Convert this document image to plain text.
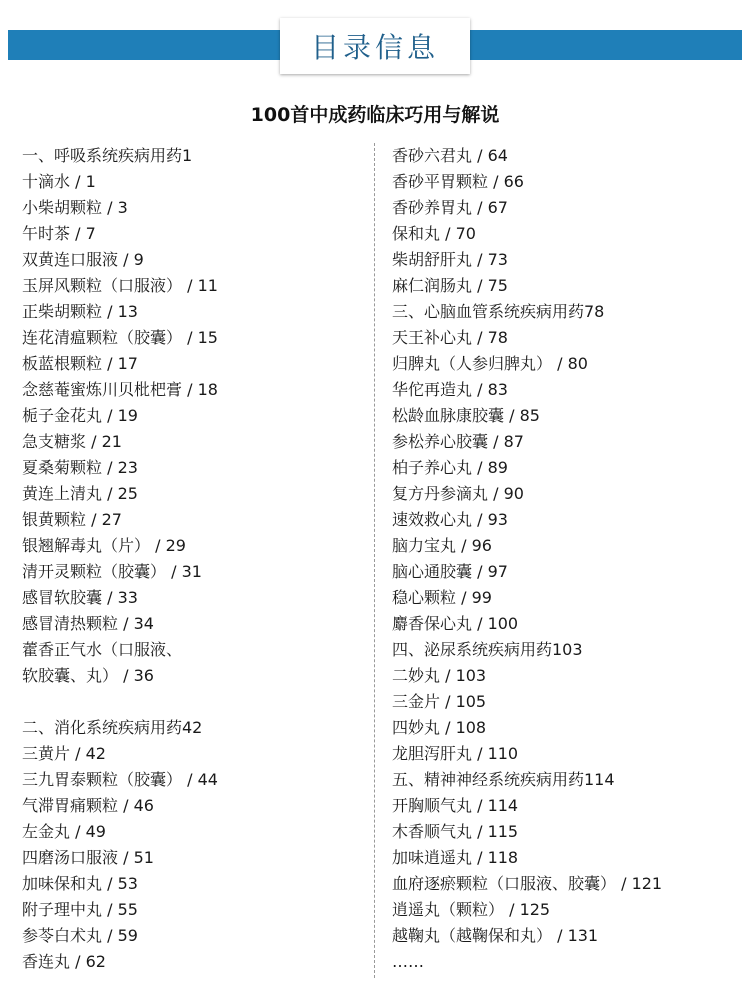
目录信息
100首中成药临床巧用与解说
一、呼吸系统疾病用药1
十滴水 / 1
小柴胡颗粒 / 3
午时茶 / 7
双黄连口服液 / 9
玉屏风颗粒（口服液） / 11
正柴胡颗粒 / 13
连花清瘟颗粒（胶囊） / 15
板蓝根颗粒 / 17
念慈菴蜜炼川贝枇杷膏 / 18
栀子金花丸 / 19
急支糖浆 / 21
夏桑菊颗粒 / 23
黄连上清丸 / 25
银黄颗粒 / 27
银翘解毒丸（片） / 29
清开灵颗粒（胶囊） / 31
感冒软胶囊 / 33
感冒清热颗粒 / 34
藿香正气水（口服液、
软胶囊、丸） / 36
二、消化系统疾病用药42
三黄片 / 42
三九胃泰颗粒（胶囊） / 44
气滞胃痛颗粒 / 46
左金丸 / 49
四磨汤口服液 / 51
加味保和丸 / 53
附子理中丸 / 55
参苓白术丸 / 59
香连丸 / 62
香砂六君丸 / 64
香砂平胃颗粒 / 66
香砂养胃丸 / 67
保和丸 / 70
柴胡舒肝丸 / 73
麻仁润肠丸 / 75
三、心脑血管系统疾病用药78
天王补心丸 / 78
归脾丸（人参归脾丸） / 80
华佗再造丸 / 83
松龄血脉康胶囊 / 85
参松养心胶囊 / 87
柏子养心丸 / 89
复方丹参滴丸 / 90
速效救心丸 / 93
脑力宝丸 / 96
脑心通胶囊 / 97
稳心颗粒 / 99
麝香保心丸 / 100
四、泌尿系统疾病用药103
二妙丸 / 103
三金片 / 105
四妙丸 / 108
龙胆泻肝丸 / 110
五、精神神经系统疾病用药114
开胸顺气丸 / 114
木香顺气丸 / 115
加味逍遥丸 / 118
血府逐瘀颗粒（口服液、胶囊） / 121
逍遥丸（颗粒） / 125
越鞠丸（越鞠保和丸） / 131
……
